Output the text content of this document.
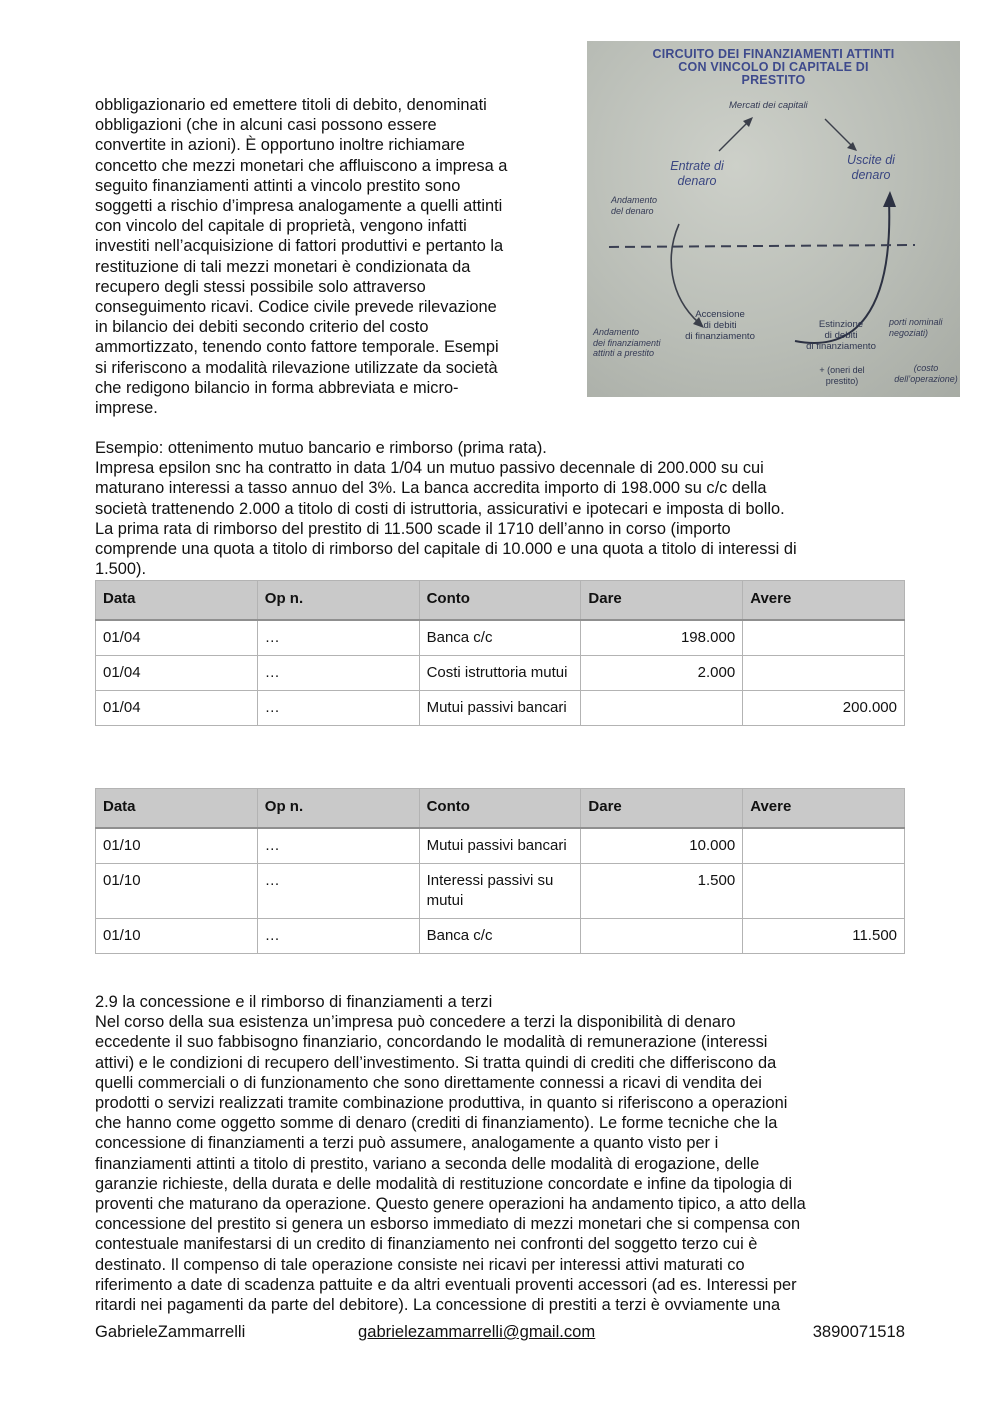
obbligazionario ed emettere titoli di debito, denominati
obbligazioni (che in alcuni casi possono essere
convertite in azioni). È opportuno inoltre richiamare
concetto che mezzi monetari che affluiscono a impresa a
seguito finanziamenti attinti a vincolo prestito sono
soggetti a rischio d’impresa analogamente a quelli attinti
con vincolo del capitale di proprietà, vengono infatti
investiti nell’acquisizione di fattori produttivi e pertanto la
restituzione di tali mezzi monetari è condizionata da
recupero degli stessi possibile solo attraverso
conseguimento ricavi. Codice civile prevede rilevazione
in bilancio dei debiti secondo criterio del costo
ammortizzato, tenendo conto fattore temporale. Esempi
si riferiscono a modalità rilevazione utilizzate da società
che redigono bilancio in forma abbreviata e micro-
imprese.
CIRCUITO DEI FINANZIAMENTI ATTINTI
CON VINCOLO DI CAPITALE DI
PRESTITO
Mercati dei capitali
Entrate di
denaro
Uscite di
denaro
Andamento
del denaro
Andamento
dei finanziamenti
attinti a prestito
Accensione
di debiti
di finanziamento
Estinzione
di debiti
di finanziamento
porti nominali
negoziati)
+ (oneri del
prestito)
(costo
dell’operazione)
Esempio: ottenimento mutuo bancario e rimborso (prima rata).
Impresa epsilon snc ha contratto in data 1/04 un mutuo passivo decennale di 200.000 su cui
maturano interessi a tasso annuo del 3%. La banca accredita importo di 198.000 su c/c della
società trattenendo 2.000 a titolo di costi di istruttoria, assicurativi e ipotecari e imposta di bollo.
La prima rata di rimborso del prestito di 11.500 scade il 1710 dell’anno in corso (importo
comprende una quota a titolo di rimborso del capitale di 10.000 e una quota a titolo di interessi di
1.500).
Data	Op n.	Conto	Dare	Avere
01/04	…	Banca c/c	198.000	
01/04	…	Costi istruttoria mutui	2.000	
01/04	…	Mutui passivi bancari		200.000
Data	Op n.	Conto	Dare	Avere
01/10	…	Mutui passivi bancari	10.000	
01/10	…	Interessi passivi su mutui	1.500	
01/10	…	Banca c/c		11.500
2.9 la concessione e il rimborso di finanziamenti a terzi
Nel corso della sua esistenza un’impresa può concedere a terzi la disponibilità di denaro
eccedente il suo fabbisogno finanziario, concordando le modalità di remunerazione (interessi
attivi) e le condizioni di recupero dell’investimento. Si tratta quindi di crediti che differiscono da
quelli commerciali o di funzionamento che sono direttamente connessi a ricavi di vendita dei
prodotti o servizi realizzati tramite combinazione produttiva, in quanto si riferiscono a operazioni
che hanno come oggetto somme di denaro (crediti di finanziamento). Le forme tecniche che la
concessione di finanziamenti a terzi può assumere, analogamente a quanto visto per i
finanziamenti attinti a titolo di prestito, variano a seconda delle modalità di erogazione, delle
garanzie richieste, della durata e delle modalità di restituzione concordate e infine da tipologia di
proventi che maturano da operazione. Questo genere operazioni ha andamento tipico, a atto della
concessione del prestito si genera un esborso immediato di mezzi monetari che si compensa con
contestuale manifestarsi di un credito di finanziamento nei confronti del soggetto terzo cui è
destinato. Il compenso di tale operazione consiste nei ricavi per interessi attivi maturati co
riferimento a date di scadenza pattuite e da altri eventuali proventi accessori (ad es. Interessi per
ritardi nei pagamenti da parte del debitore). La concessione di prestiti a terzi è ovviamente una
GabrieleZammarrelli	gabrielezammarrelli@gmail.com	3890071518
